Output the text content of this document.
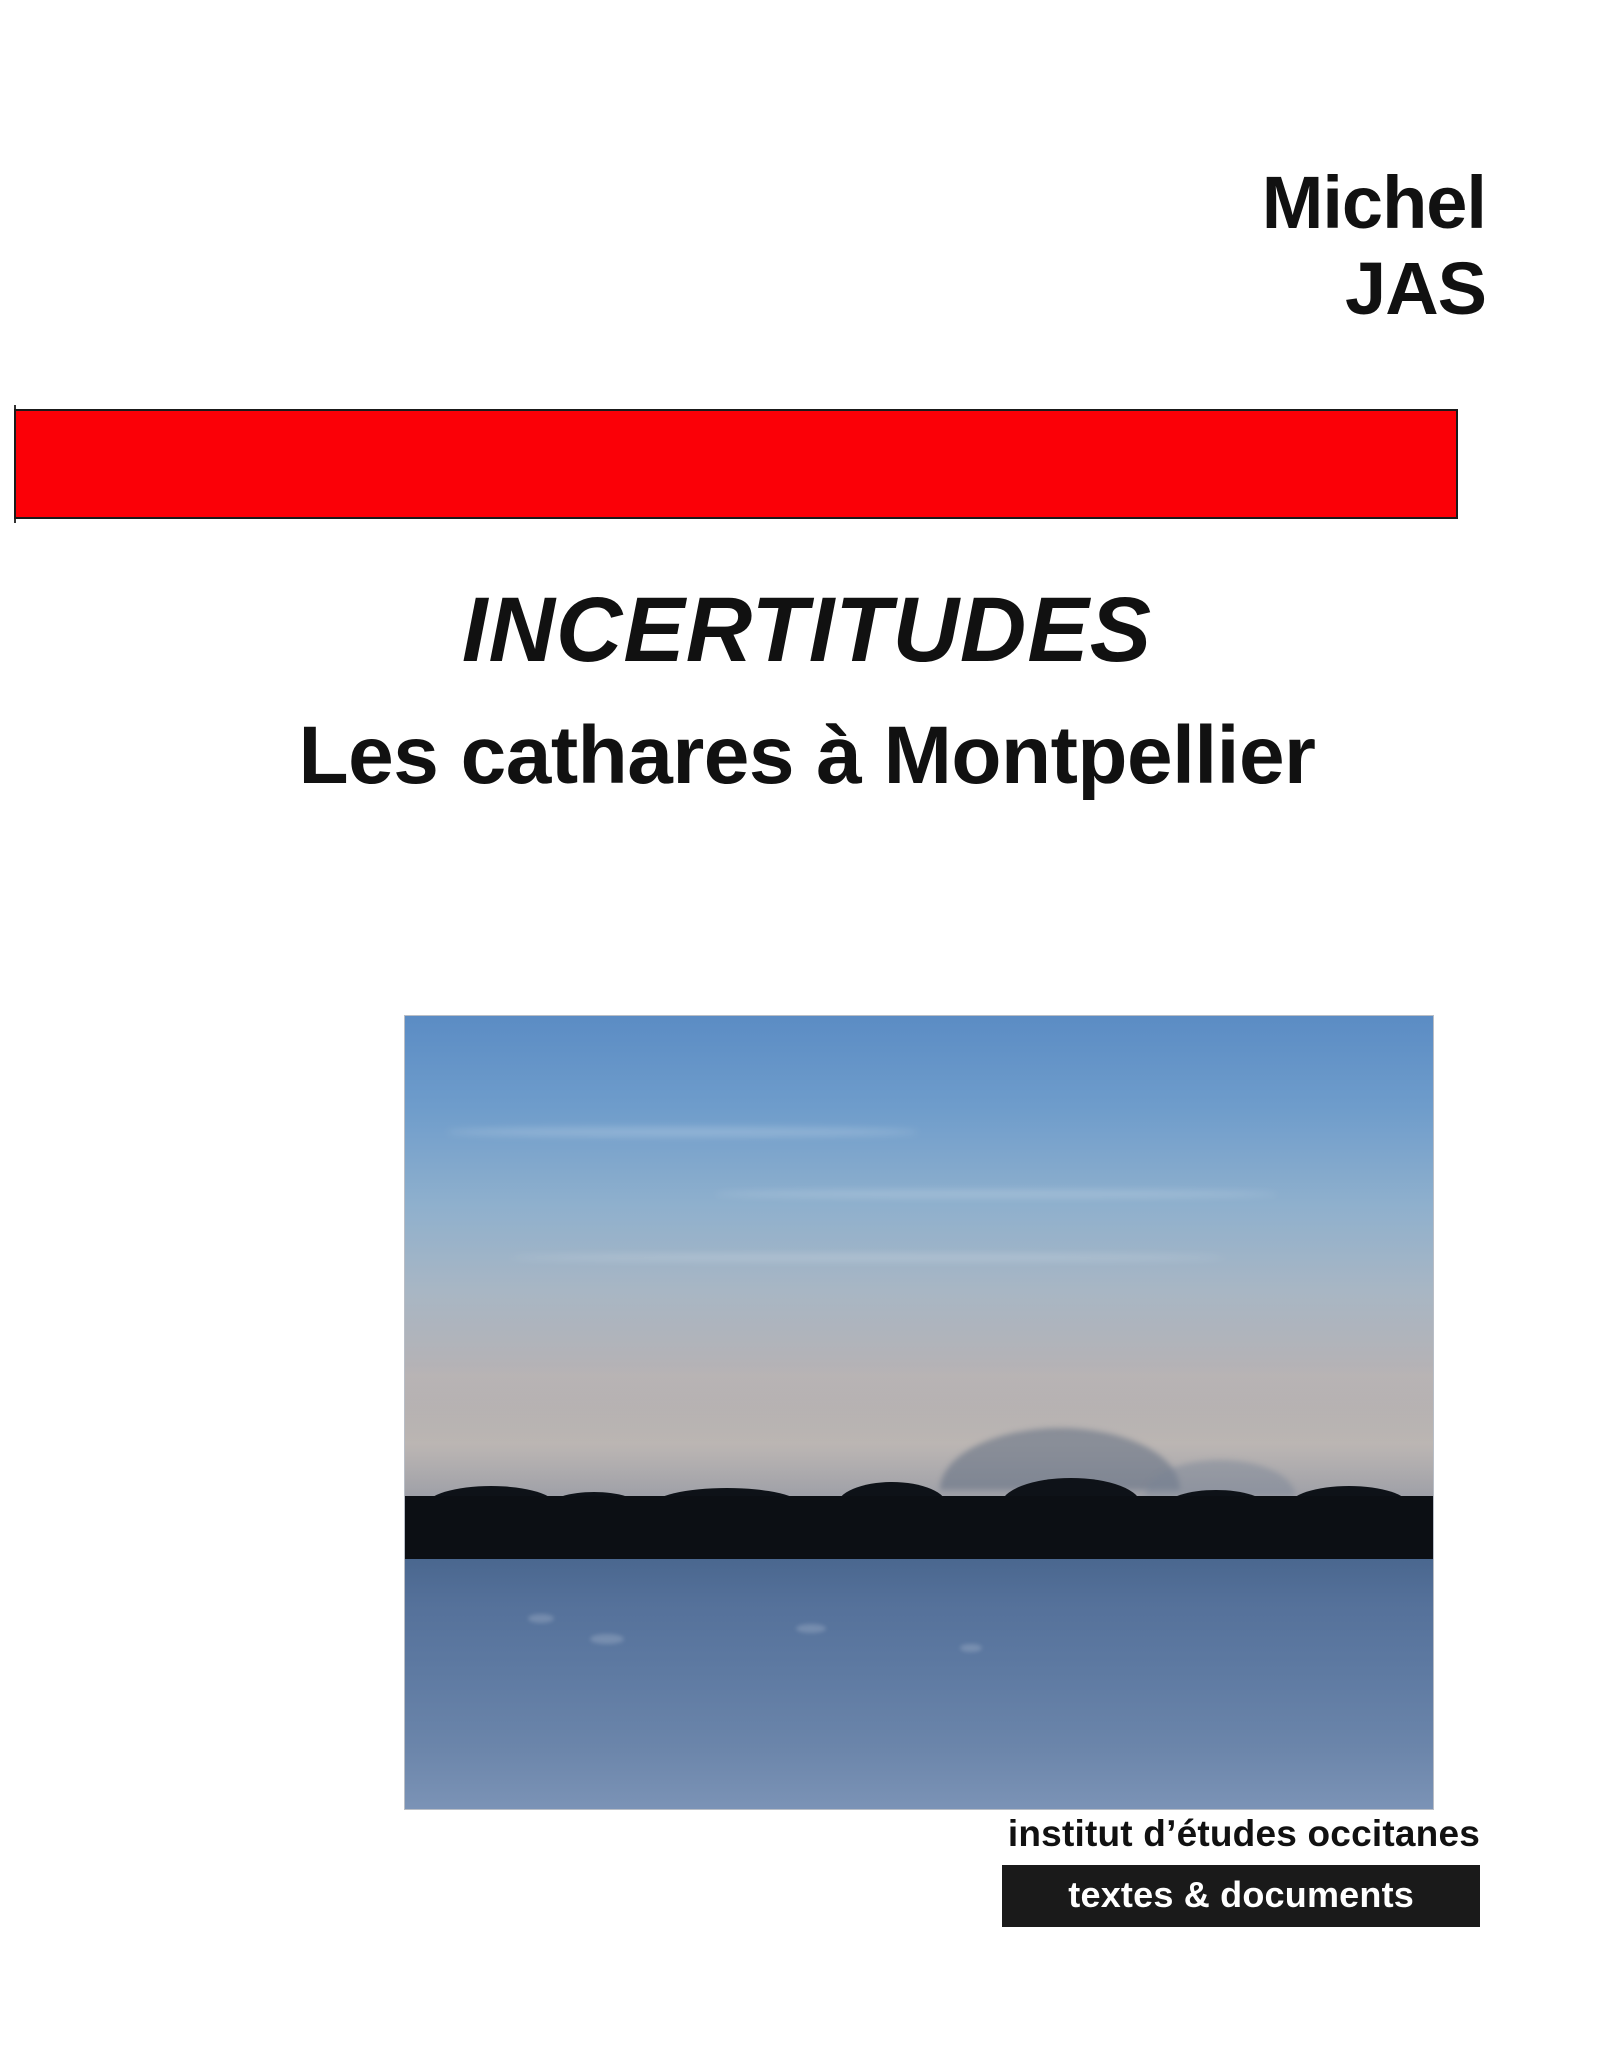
Michel
JAS
INCERTITUDES
Les cathares à Montpellier
institut d’études occitanes
textes & documents
